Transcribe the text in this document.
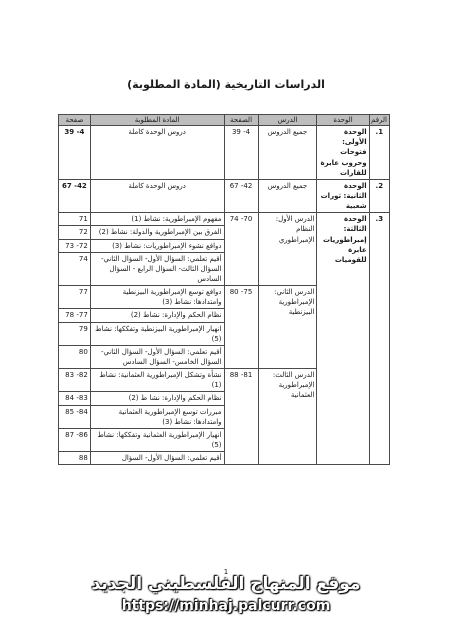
الدراسات التاريخية (المادة المطلوبة)
الرقم	الوحدة	الدرس	الصفحة	المادة المطلوبة	صفحة
1.	الوحدة الأولى: فتوحات وحروب عابرة للقارات	جميع الدروس	4- 39	دروس الوحدة كاملة	4- 39
2.	الوحدة الثانية: ثورات شعبية	جميع الدروس	42- 67	دروس الوحدة كاملة	42- 67
3.	الوحدة الثالثة: إمبراطوريات عابرة للقوميات	الدرس الأول: النظام الإمبراطوري	70- 74	مفهوم الإمبراطورية: نشاط (1)	71
				الفرق بين الإمبراطورية والدولة: نشاط (2)	72
				دوافع نشوء الإمبراطوريات: نشاط (3)	72- 73
				أقيم تعلمي: السؤال الأول- السؤال الثاني- السؤال الثالث- السؤال الرابع - السؤال السادس	74
		الدرس الثاني: الإمبراطورية البيزنطية	75- 80	دوافع توسع الإمبراطورية البيزنطية وامتدادها: نشاط (3)	77
				نظام الحكم والإدارة: نشاط (2)	77- 78
				انهيار الإمبراطورية البيزنطية وتفككها: نشاط (5)	79
				أقيم تعلمي: السؤال الأول- السؤال الثاني- السؤال الخامس- السؤال السادس	80
		الدرس الثالث: الإمبراطورية العثمانية	81- 88	نشأة وتشكل الإمبراطورية العثمانية: نشاط (1)	82- 83
				نظام الحكم والإدارة: نشا ط (2)	83- 84
				مبررات توسع الإمبراطورية العثمانية وامتدادها: نشاط (3)	84- 85
				انهيار الإمبراطورية العثمانية وتفككها: نشاط (5)	86- 87
				أقيم تعلمي: السؤال الأول- السؤال	88
1
موقع المنهاج الفلسطيني الجديد
https://minhaj.palcurr.com
